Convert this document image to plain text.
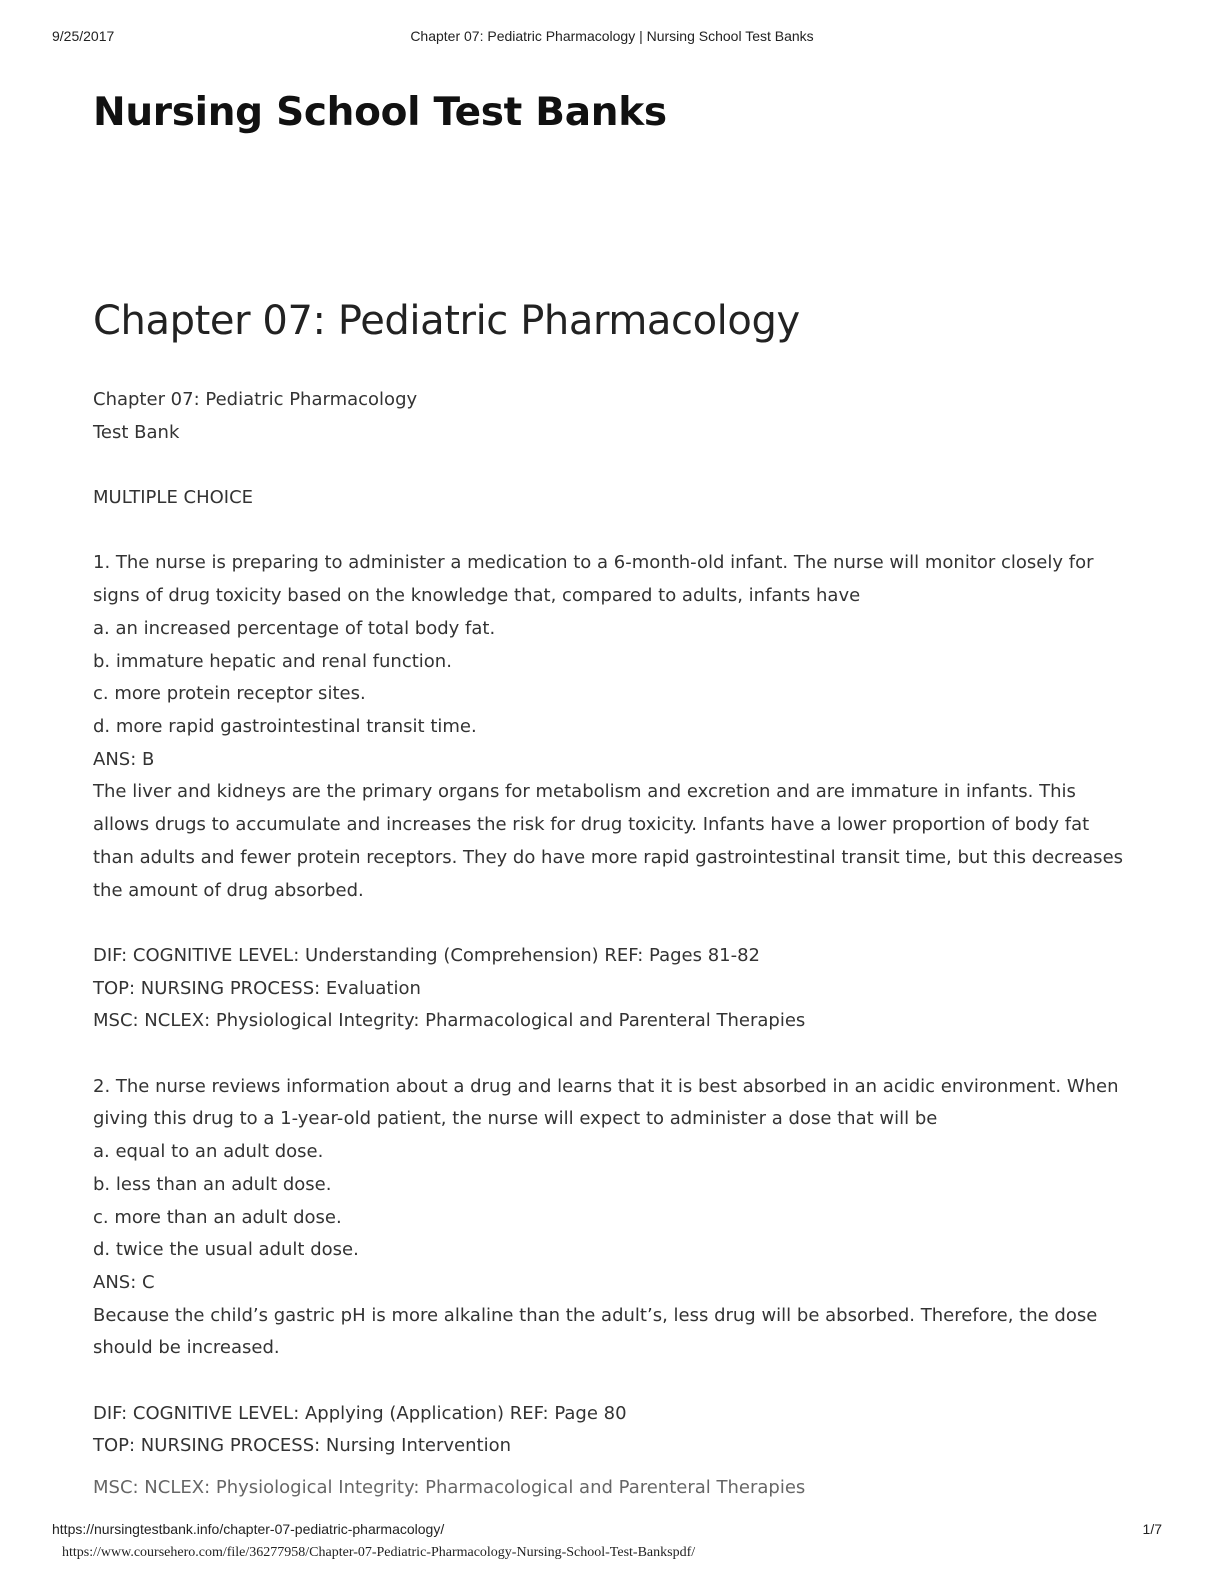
9/25/2017	Chapter 07: Pediatric Pharmacology | Nursing School Test Banks
Nursing School Test Banks
Chapter 07: Pediatric Pharmacology

Chapter 07: Pediatric Pharmacology

Test Bank

MULTIPLE CHOICE

1. The nurse is preparing to administer a medication to a 6-month-old infant. The nurse will monitor closely for signs of drug toxicity based on the knowledge that, compared to adults, infants have

a. an increased percentage of total body fat.

b. immature hepatic and renal function.

c. more protein receptor sites.

d. more rapid gastrointestinal transit time.

ANS: B

The liver and kidneys are the primary organs for metabolism and excretion and are immature in infants. This allows drugs to accumulate and increases the risk for drug toxicity. Infants have a lower proportion of body fat than adults and fewer protein receptors. They do have more rapid gastrointestinal transit time, but this decreases the amount of drug absorbed.

DIF: COGNITIVE LEVEL: Understanding (Comprehension) REF: Pages 81-82

TOP: NURSING PROCESS: Evaluation

MSC: NCLEX: Physiological Integrity: Pharmacological and Parenteral Therapies

2. The nurse reviews information about a drug and learns that it is best absorbed in an acidic environment. When giving this drug to a 1-year-old patient, the nurse will expect to administer a dose that will be

a. equal to an adult dose.

b. less than an adult dose.

c. more than an adult dose.

d. twice the usual adult dose.

ANS: C

Because the child’s gastric pH is more alkaline than the adult’s, less drug will be absorbed. Therefore, the dose should be increased.

DIF: COGNITIVE LEVEL: Applying (Application) REF: Page 80

TOP: NURSING PROCESS: Nursing Intervention

MSC: NCLEX: Physiological Integrity: Pharmacological and Parenteral Therapies
https://nursingtestbank.info/chapter-07-pediatric-pharmacology/	1/7
https://www.coursehero.com/file/36277958/Chapter-07-Pediatric-Pharmacology-Nursing-School-Test-Bankspdf/
